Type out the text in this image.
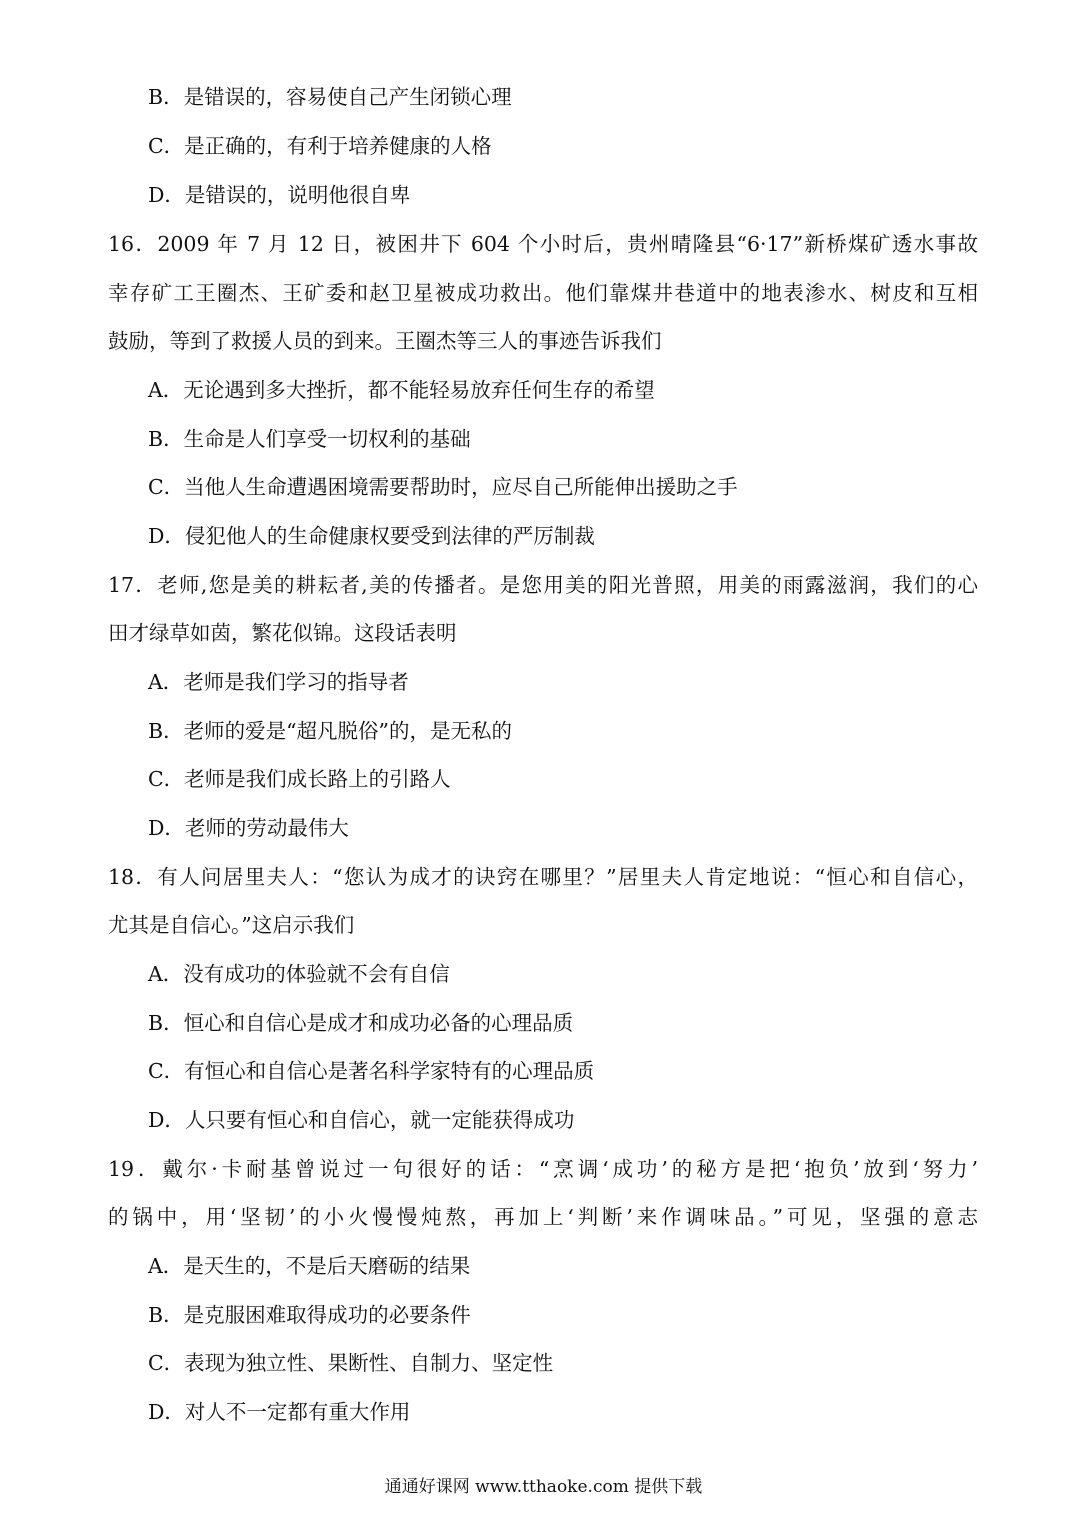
B．是错误的，容易使自己产生闭锁心理
C．是正确的，有利于培养健康的人格
D．是错误的，说明他很自卑
16．2009 年 7 月 12 日，被困井下 604 个小时后，贵州晴隆县“6·17”新桥煤矿透水事故
幸存矿工王圈杰、王矿委和赵卫星被成功救出。他们靠煤井巷道中的地表渗水、树皮和互相
鼓励，等到了救援人员的到来。王圈杰等三人的事迹告诉我们
A．无论遇到多大挫折，都不能轻易放弃任何生存的希望
B．生命是人们享受一切权利的基础
C．当他人生命遭遇困境需要帮助时，应尽自己所能伸出援助之手
D．侵犯他人的生命健康权要受到法律的严厉制裁
17．老师,您是美的耕耘者,美的传播者。是您用美的阳光普照，用美的雨露滋润，我们的心
田才绿草如茵，繁花似锦。这段话表明
A．老师是我们学习的指导者
B．老师的爱是“超凡脱俗”的，是无私的
C．老师是我们成长路上的引路人
D．老师的劳动最伟大
18．有人问居里夫人：“您认为成才的诀窍在哪里？”居里夫人肯定地说：“恒心和自信心，
尤其是自信心。”这启示我们
A．没有成功的体验就不会有自信
B．恒心和自信心是成才和成功必备的心理品质
C．有恒心和自信心是著名科学家特有的心理品质
D．人只要有恒心和自信心，就一定能获得成功
19．戴尔·卡耐基曾说过一句很好的话：“烹调‘成功’的秘方是把‘抱负’放到‘努力’
的锅中，用‘坚韧’的小火慢慢炖熬，再加上‘判断’来作调味品。”可见，坚强的意志
A．是天生的，不是后天磨砺的结果
B．是克服困难取得成功的必要条件
C．表现为独立性、果断性、自制力、坚定性
D．对人不一定都有重大作用
通通好课网 www.tthaoke.com 提供下载
